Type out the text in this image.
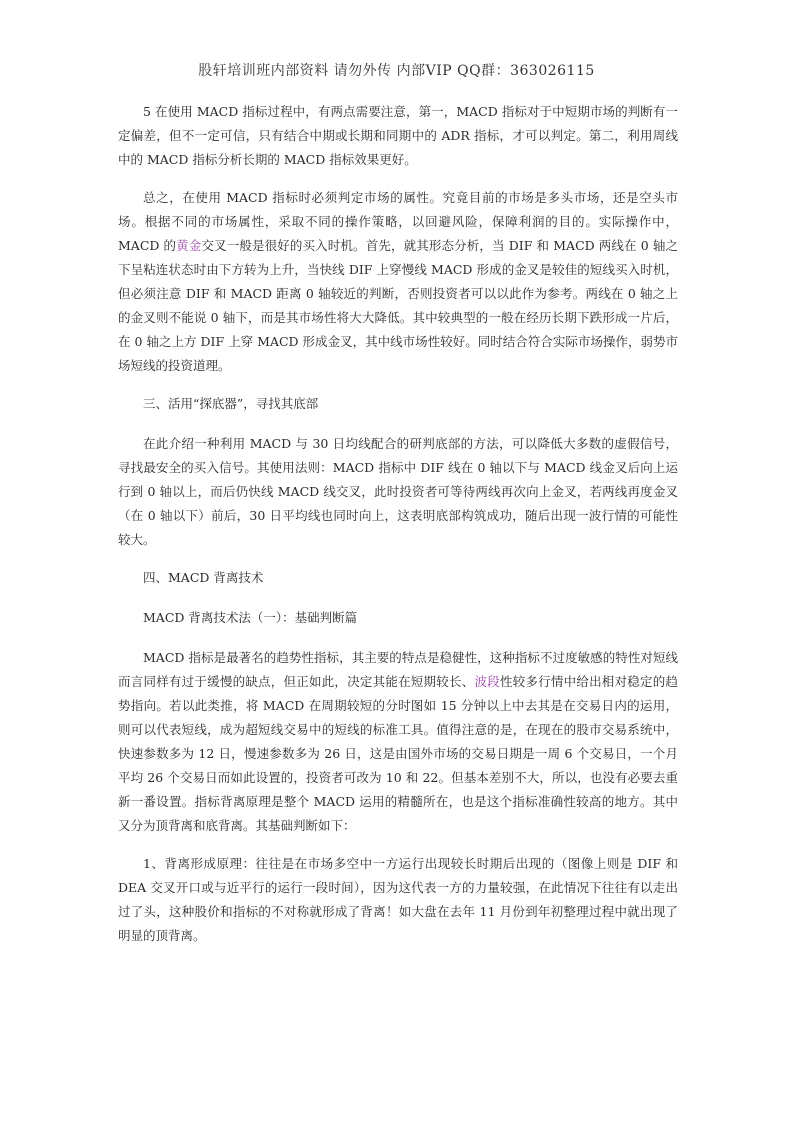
股轩培训班内部资料 请勿外传 内部VIP QQ群：363026115

5 在使用 MACD 指标过程中，有两点需要注意，第一，MACD 指标对于中短期市场的判断有一定偏差，但不一定可信，只有结合中期或长期和同期中的 ADR 指标，才可以判定。第二，利用周线中的 MACD 指标分析长期的 MACD 指标效果更好。

总之，在使用 MACD 指标时必须判定市场的属性。究竟目前的市场是多头市场，还是空头市场。根据不同的市场属性，采取不同的操作策略，以回避风险，保障利润的目的。实际操作中，MACD 的黄金交叉一般是很好的买入时机。首先，就其形态分析，当 DIF 和 MACD 两线在 0 轴之下呈粘连状态时由下方转为上升，当快线 DIF 上穿慢线 MACD 形成的金叉是较佳的短线买入时机，但必须注意 DIF 和 MACD 距离 0 轴较近的判断，否则投资者可以以此作为参考。两线在 0 轴之上的金叉则不能说 0 轴下，而是其市场性将大大降低。其中较典型的一般在经历长期下跌形成一片后，在 0 轴之上方 DIF 上穿 MACD 形成金叉，其中线市场性较好。同时结合符合实际市场操作，弱势市场短线的投资道理。

三、活用“探底器”，寻找其底部

在此介绍一种利用 MACD 与 30 日均线配合的研判底部的方法，可以降低大多数的虚假信号，寻找最安全的买入信号。其使用法则：MACD 指标中 DIF 线在 0 轴以下与 MACD 线金叉后向上运行到 0 轴以上，而后仍快线 MACD 线交叉，此时投资者可等待两线再次向上金叉，若两线再度金叉（在 0 轴以下）前后，30 日平均线也同时向上，这表明底部构筑成功，随后出现一波行情的可能性较大。

四、MACD 背离技术

MACD 背离技术法（一）：基础判断篇

MACD 指标是最著名的趋势性指标，其主要的特点是稳健性，这种指标不过度敏感的特性对短线而言同样有过于缓慢的缺点，但正如此，决定其能在短期较长、波段性较多行情中给出相对稳定的趋势指向。若以此类推，将 MACD 在周期较短的分时图如 15 分钟以上中去其是在交易日内的运用，则可以代表短线，成为超短线交易中的短线的标准工具。值得注意的是，在现在的股市交易系统中，快速参数多为 12 日，慢速参数多为 26 日，这是由国外市场的交易日期是一周 6 个交易日，一个月平均 26 个交易日而如此设置的，投资者可改为 10 和 22。但基本差别不大，所以，也没有必要去重新一番设置。指标背离原理是整个 MACD 运用的精髓所在，也是这个指标准确性较高的地方。其中又分为顶背离和底背离。其基础判断如下：

1、背离形成原理：往往是在市场多空中一方运行出现较长时期后出现的（图像上则是 DIF 和 DEA 交叉开口或与近平行的运行一段时间），因为这代表一方的力量较强，在此情况下往往有以走出过了头，这种股价和指标的不对称就形成了背离！如大盘在去年 11 月份到年初整理过程中就出现了明显的顶背离。
